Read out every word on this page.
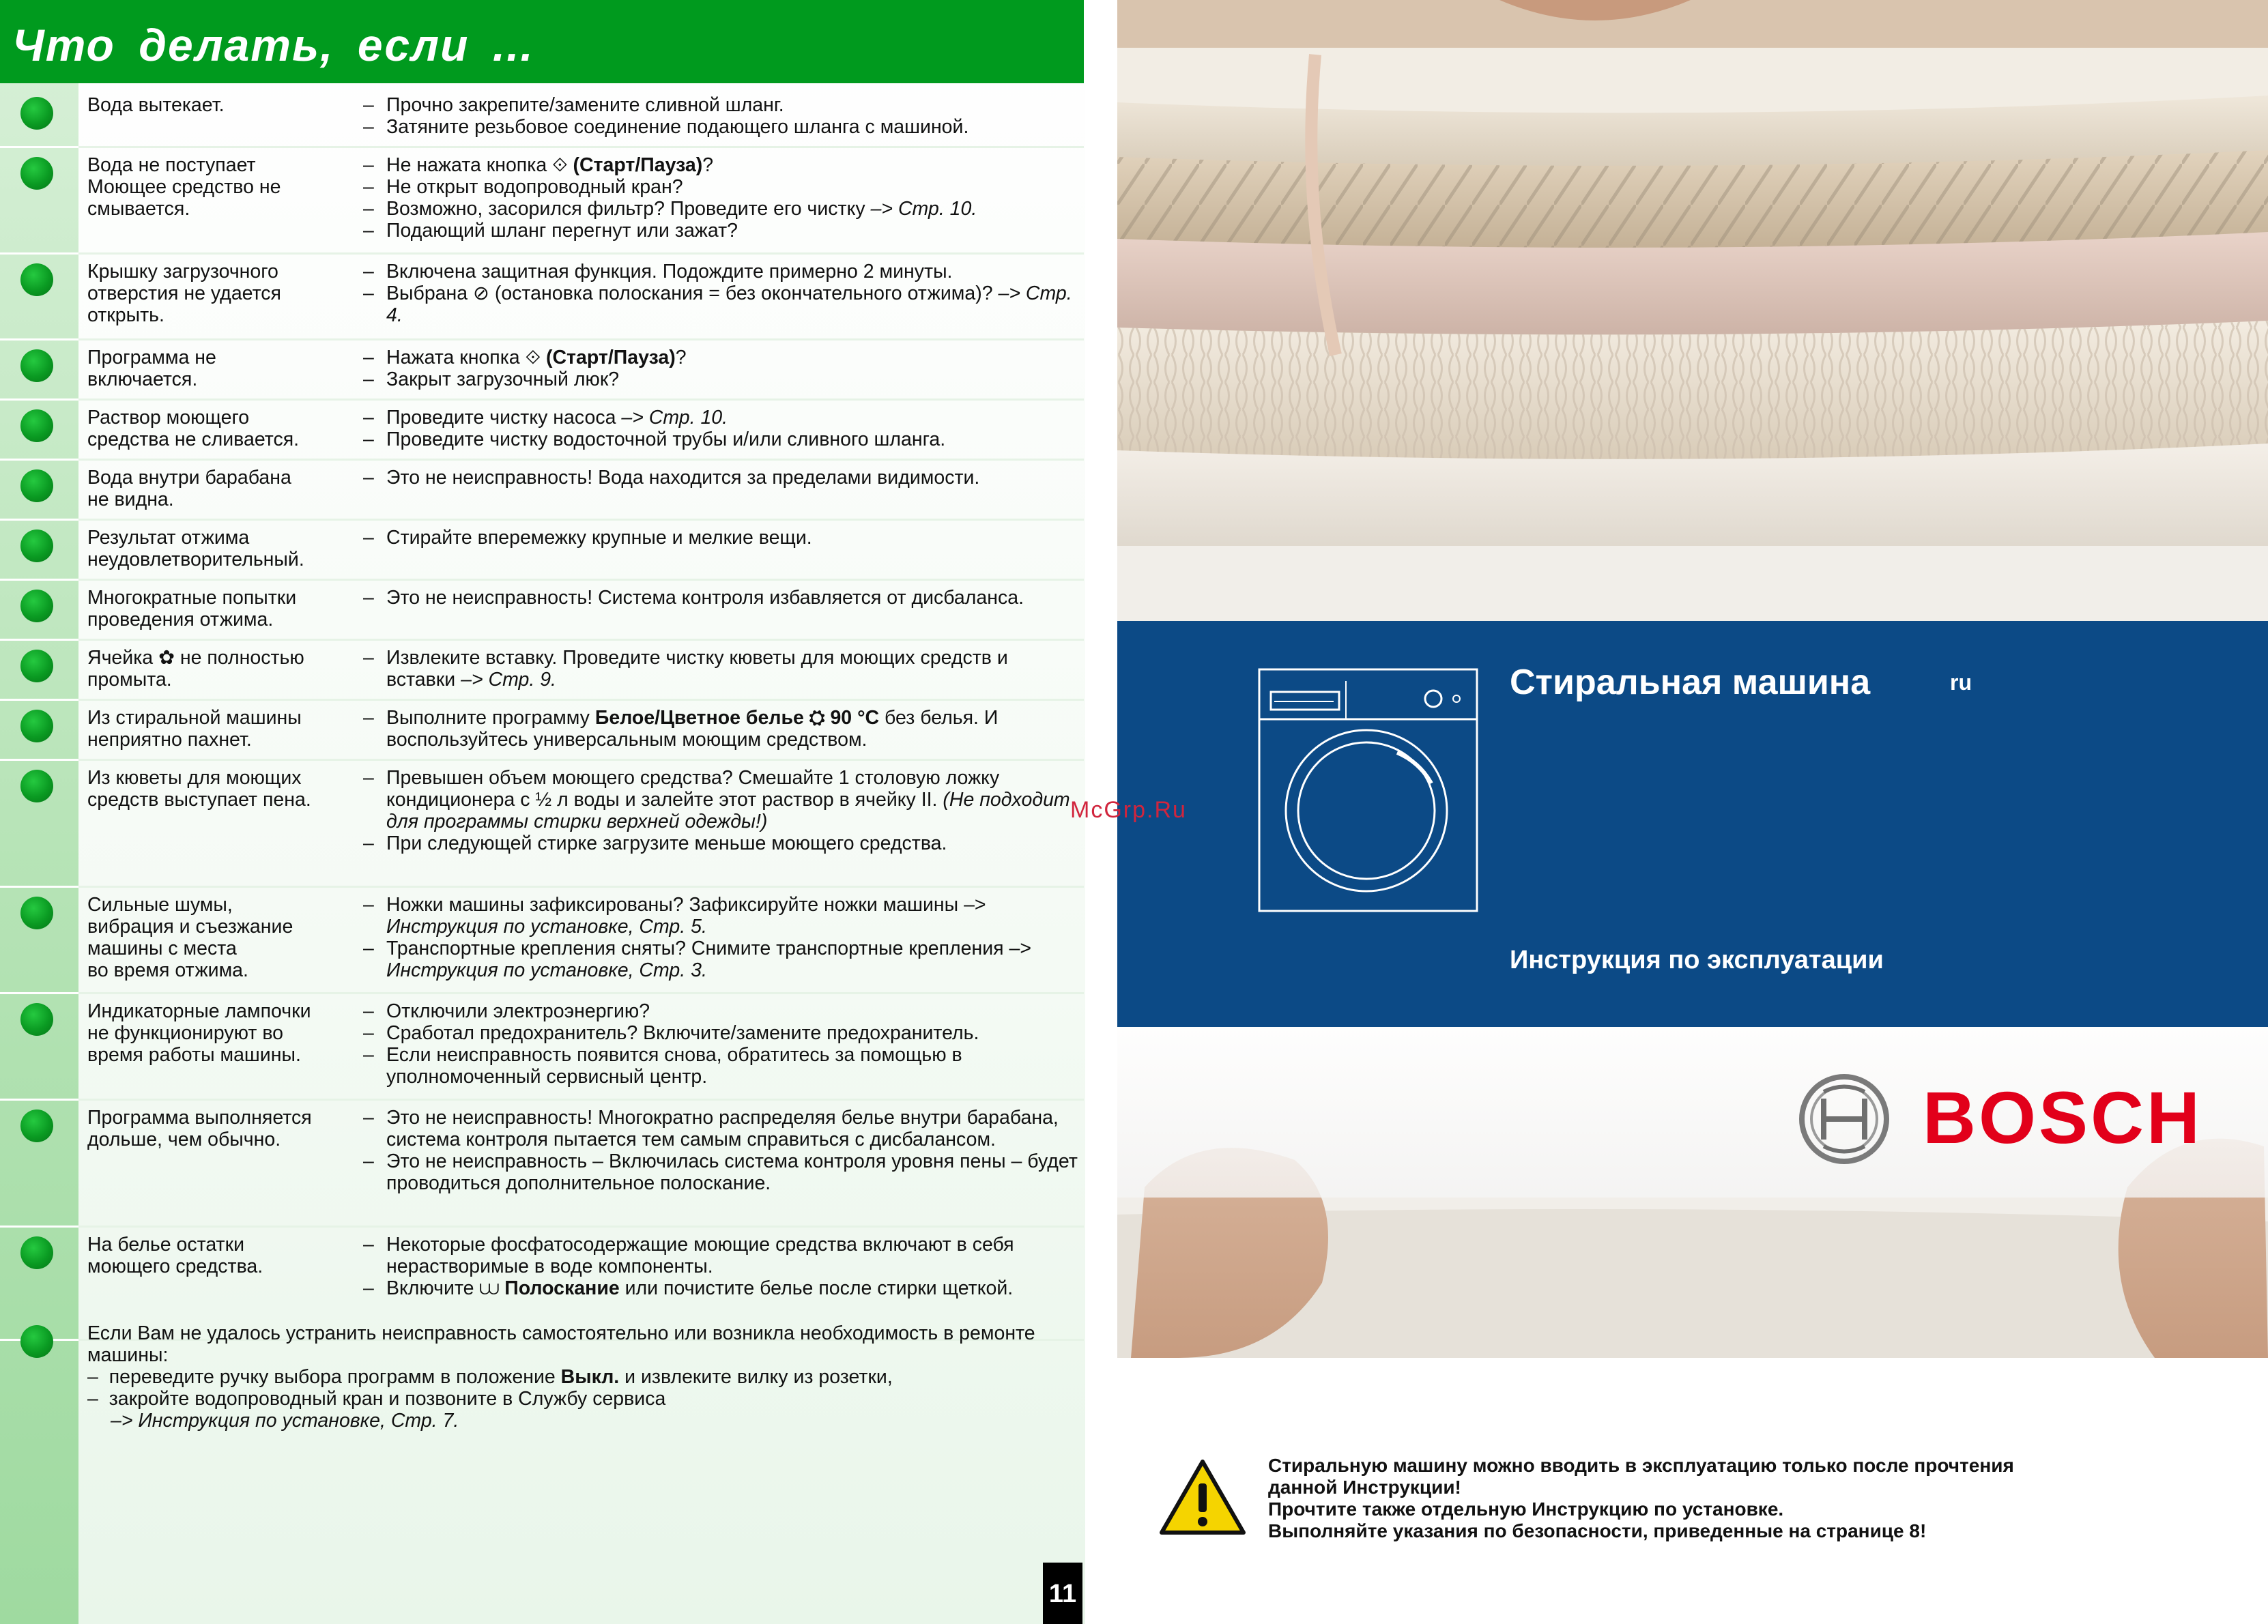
Что делать, если ...
Вода вытекает.	– Прочно закрепите/замените сливной шланг.
– Затяните резьбовое соединение подающего шланга с машиной.
Вода не поступает
Моющее средство не
смывается.
– Не нажата кнопка ⟐ (Старт/Пауза)?
– Не открыт водопроводный кран?
– Возможно, засорился фильтр? Проведите его чистку –> Стр. 10.
– Подающий шланг перегнут или зажат?
Крышку загрузочного
отверстия не удается
открыть.
– Включена защитная функция. Подождите примерно 2 минуты.
– Выбрана ⊘ (остановка полоскания = без окончательного отжима)? –> Стр. 4.
Программа не
включается.
– Нажата кнопка ⟐ (Старт/Пауза)?
– Закрыт загрузочный люк?
Раствор моющего
средства не сливается.
– Проведите чистку насоса –> Стр. 10.
– Проведите чистку водосточной трубы и/или сливного шланга.
Вода внутри барабана
не видна.
– Это не неисправность! Вода находится за пределами видимости.
Результат отжима
неудовлетворительный.
– Стирайте вперемежку крупные и мелкие вещи.
Многократные попытки
проведения отжима.
– Это не неисправность! Система контроля избавляется от дисбаланса.
Ячейка ✿ не полностью
промыта.
– Извлеките вставку. Проведите чистку кюветы для моющих средств и вставки –> Стр. 9.
Из стиральной машины
неприятно пахнет.
– Выполните программу Белое/Цветное белье ⛭ 90 °C без белья. И воспользуйтесь универсальным моющим средством.
Из кюветы для моющих
средств выступает пена.
– Превышен объем моющего средства? Смешайте 1 столовую ложку кондиционера с ½ л воды и залейте этот раствор в ячейку II. (Не подходит для программы стирки верхней одежды!)
– При следующей стирке загрузите меньше моющего средства.
Сильные шумы,
вибрация и съезжание
машины с места
во время отжима.
– Ножки машины зафиксированы? Зафиксируйте ножки машины –> Инструкция по установке, Стр. 5.
– Транспортные крепления сняты? Снимите транспортные крепления –> Инструкция по установке, Стр. 3.
Индикаторные лампочки
не функционируют во
время работы машины.
– Отключили электроэнергию?
– Сработал предохранитель? Включите/замените предохранитель.
– Если неисправность появится снова, обратитесь за помощью в уполномоченный сервисный центр.
Программа выполняется
дольше, чем обычно.
– Это не неисправность! Многократно распределяя белье внутри барабана, система контроля пытается тем самым справиться с дисбалансом.
– Это не неисправность – Включилась система контроля уровня пены – будет проводиться дополнительное полоскание.
На белье остатки
моющего средства.
– Некоторые фосфатосодержащие моющие средства включают в себя нерастворимые в воде компоненты.
– Включите ⩊ Полоскание или почистите белье после стирки щеткой.
Если Вам не удалось устранить неисправность самостоятельно или возникла необходимость в ремонте машины:
–  переведите ручку выбора программ в положение Выкл. и извлеките вилку из розетки,
–  закройте водопроводный кран и позвоните в Службу сервиса
–> Инструкция по установке, Стр. 7.
11
Стиральная машина	ru
Инструкция по эксплуатации
BOSCH
McGrp.Ru
Стиральную машину можно вводить в эксплуатацию только после прочтения
данной Инструкции!
Прочтите также отдельную Инструкцию по установке.
Выполняйте указания по безопасности, приведенные на странице 8!
